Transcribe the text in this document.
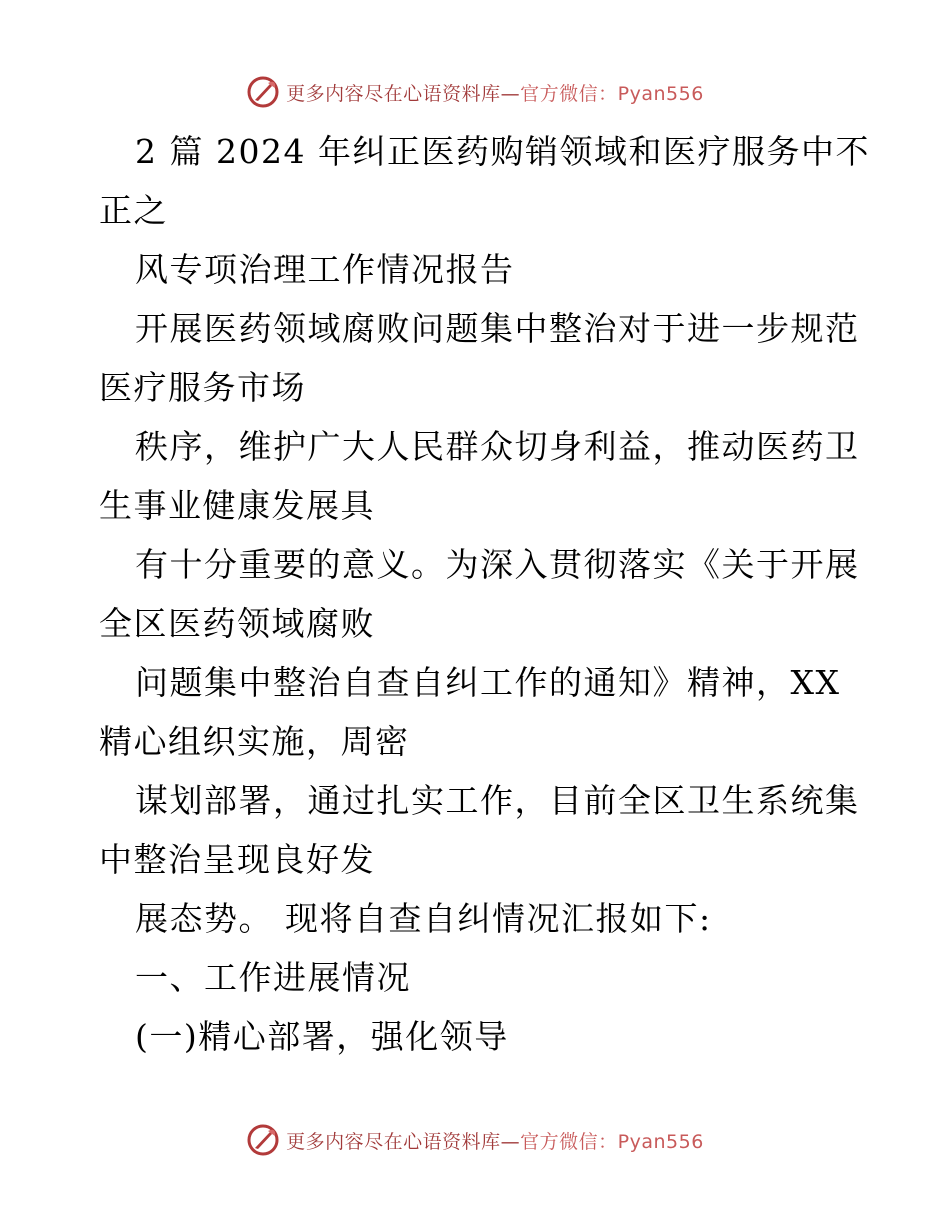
更多内容尽在心语资料库—官方微信：Pyan556
2 篇 2024 年纠正医药购销领域和医疗服务中不
正之
风专项治理工作情况报告
开展医药领域腐败问题集中整治对于进一步规范
医疗服务市场
秩序，维护广大人民群众切身利益，推动医药卫
生事业健康发展具
有十分重要的意义。为深入贯彻落实《关于开展
全区医药领域腐败
问题集中整治自查自纠工作的通知》精神，XX
精心组织实施，周密
谋划部署，通过扎实工作，目前全区卫生系统集
中整治呈现良好发
展态势。 现将自查自纠情况汇报如下:
一、工作进展情况
(一)精心部署，强化领导
更多内容尽在心语资料库—官方微信：Pyan556
